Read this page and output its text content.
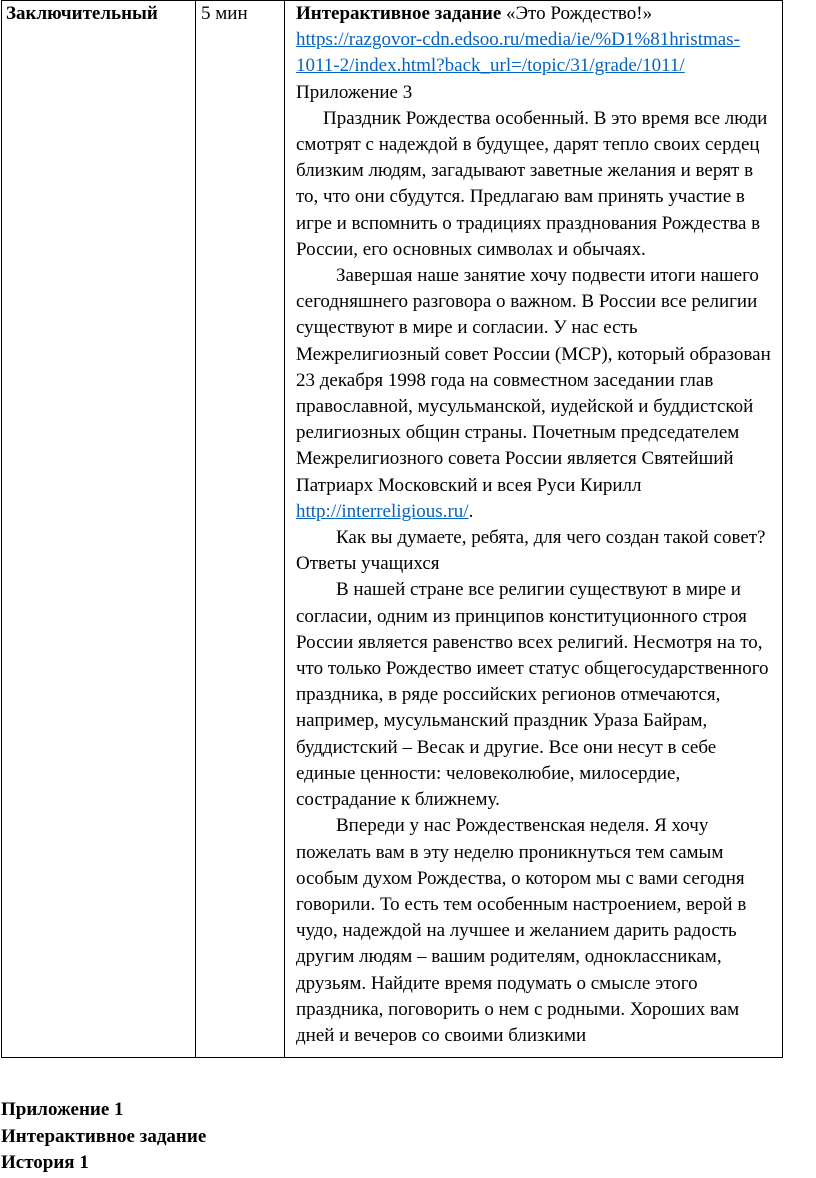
Заключительный	5 мин	Интерактивное задание «Это Рождество!»

https://razgovor-cdn.edsoo.ru/media/ie/%D1%81hristmas-1011-2/index.html?back_url=/topic/31/grade/1011/

Приложение 3

Праздник Рождества особенный. В это время все люди смотрят с надеждой в будущее, дарят тепло своих сердец близким людям, загадывают заветные желания и верят в то, что они сбудутся. Предлагаю вам принять участие в игре и вспомнить о традициях празднования Рождества в России, его основных символах и обычаях.

Завершая наше занятие хочу подвести итоги нашего сегодняшнего разговора о важном. В России все религии существуют в мире и согласии. У нас есть Межрелигиозный совет России (МСР), который образован 23 декабря 1998 года на совместном заседании глав православной, мусульманской, иудейской и буддистской религиозных общин страны. Почетным председателем Межрелигиозного совета России является Святейший Патриарх Московский и всея Руси Кирилл http://interreligious.ru/.

Как вы думаете, ребята, для чего создан такой совет?

Ответы учащихся

В нашей стране все религии существуют в мире и согласии, одним из принципов конституционного строя России является равенство всех религий. Несмотря на то, что только Рождество имеет статус общегосударственного праздника, в ряде российских регионов отмечаются, например, мусульманский праздник Ураза Байрам, буддистский – Весак и другие. Все они несут в себе единые ценности: человеколюбие, милосердие, сострадание к ближнему.

Впереди у нас Рождественская неделя. Я хочу пожелать вам в эту неделю проникнуться тем самым особым духом Рождества, о котором мы с вами сегодня говорили. То есть тем особенным настроением, верой в чудо, надеждой на лучшее и желанием дарить радость другим людям – вашим родителям, одноклассникам, друзьям. Найдите время подумать о смысле этого праздника, поговорить о нем с родными. Хороших вам дней и вечеров со своими близкими

Приложение 1
Интерактивное задание
История 1
